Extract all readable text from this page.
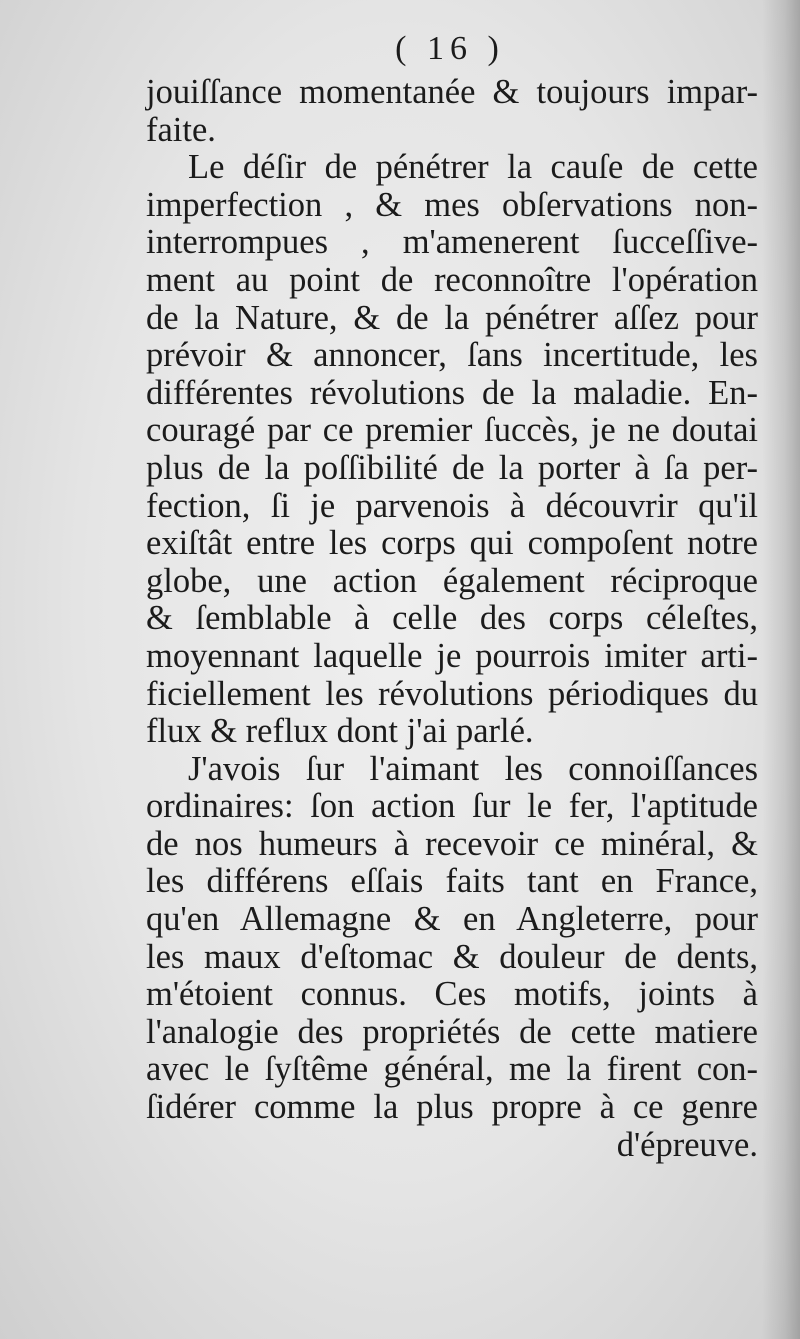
( 16 )
jouiſſance momentanée & toujours impar-
faite.
Le déſir de pénétrer la cauſe de cette
imperfection , & mes obſervations non-
interrompues , m'amenerent ſucceſſive-
ment au point de reconnoître l'opération
de la Nature, & de la pénétrer aſſez pour
prévoir & annoncer, ſans incertitude, les
différentes révolutions de la maladie. En-
couragé par ce premier ſuccès, je ne doutai
plus de la poſſibilité de la porter à ſa per-
fection, ſi je parvenois à découvrir qu'il
exiſtât entre les corps qui compoſent notre
globe, une action également réciproque
& ſemblable à celle des corps céleſtes,
moyennant laquelle je pourrois imiter arti-
ficiellement les révolutions périodiques du
flux & reflux dont j'ai parlé.
J'avois ſur l'aimant les connoiſſances
ordinaires: ſon action ſur le fer, l'aptitude
de nos humeurs à recevoir ce minéral, &
les différens eſſais faits tant en France,
qu'en Allemagne & en Angleterre, pour
les maux d'eſtomac & douleur de dents,
m'étoient connus. Ces motifs, joints à
l'analogie des propriétés de cette matiere
avec le ſyſtême général, me la firent con-
ſidérer comme la plus propre à ce genre
d'épreuve.
